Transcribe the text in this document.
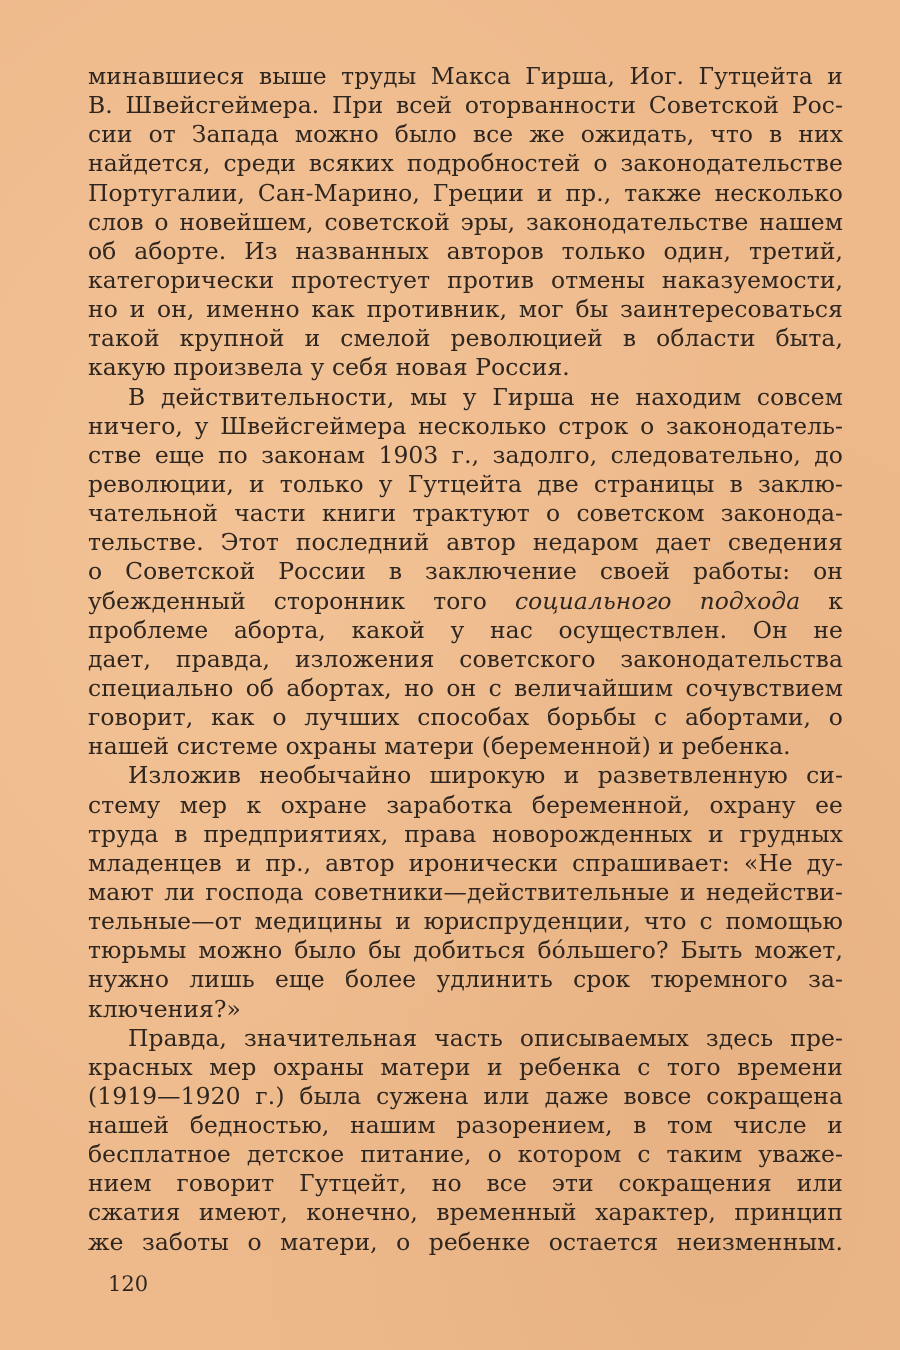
минавшиеся выше труды Макса Гирша, Иог. Гутцейта и
В. Швейсгеймера. При всей оторванности Советской Рос-
сии от Запада можно было все же ожидать, что в них
найдется, среди всяких подробностей о законодательстве
Португалии, Сан-Марино, Греции и пр., также несколько
слов о новейшем, советской эры, законодательстве нашем
об аборте. Из названных авторов только один, третий,
категорически протестует против отмены наказуемости,
но и он, именно как противник, мог бы заинтересоваться
такой крупной и смелой революцией в области быта,
какую произвела у себя новая Россия.
В действительности, мы у Гирша не находим совсем
ничего, у Швейсгеймера несколько строк о законодатель-
стве еще по законам 1903 г., задолго, следовательно, до
революции, и только у Гутцейта две страницы в заклю-
чательной части книги трактуют о советском законода-
тельстве. Этот последний автор недаром дает сведения
о Советской России в заключение своей работы: он
убежденный сторонник того социального подхода к
проблеме аборта, какой у нас осуществлен. Он не
дает, правда, изложения советского законодательства
специально об абортах, но он с величайшим сочувствием
говорит, как о лучших способах борьбы с абортами, о
нашей системе охраны матери (беременной) и ребенка.
Изложив необычайно широкую и разветвленную си-
стему мер к охране заработка беременной, охрану ее
труда в предприятиях, права новорожденных и грудных
младенцев и пр., автор иронически спрашивает: «Не ду-
мают ли господа советники—действительные и недействи-
тельные—от медицины и юриспруденции, что с помощью
тюрьмы можно было бы добиться бо́льшего? Быть может,
нужно лишь еще более удлинить срок тюремного за-
ключения?»
Правда, значительная часть описываемых здесь пре-
красных мер охраны матери и ребенка с того времени
(1919—1920 г.) была сужена или даже вовсе сокращена
нашей бедностью, нашим разорением, в том числе и
бесплатное детское питание, о котором с таким уваже-
нием говорит Гутцейт, но все эти сокращения или
сжатия имеют, конечно, временный характер, принцип
же заботы о матери, о ребенке остается неизменным.
120
